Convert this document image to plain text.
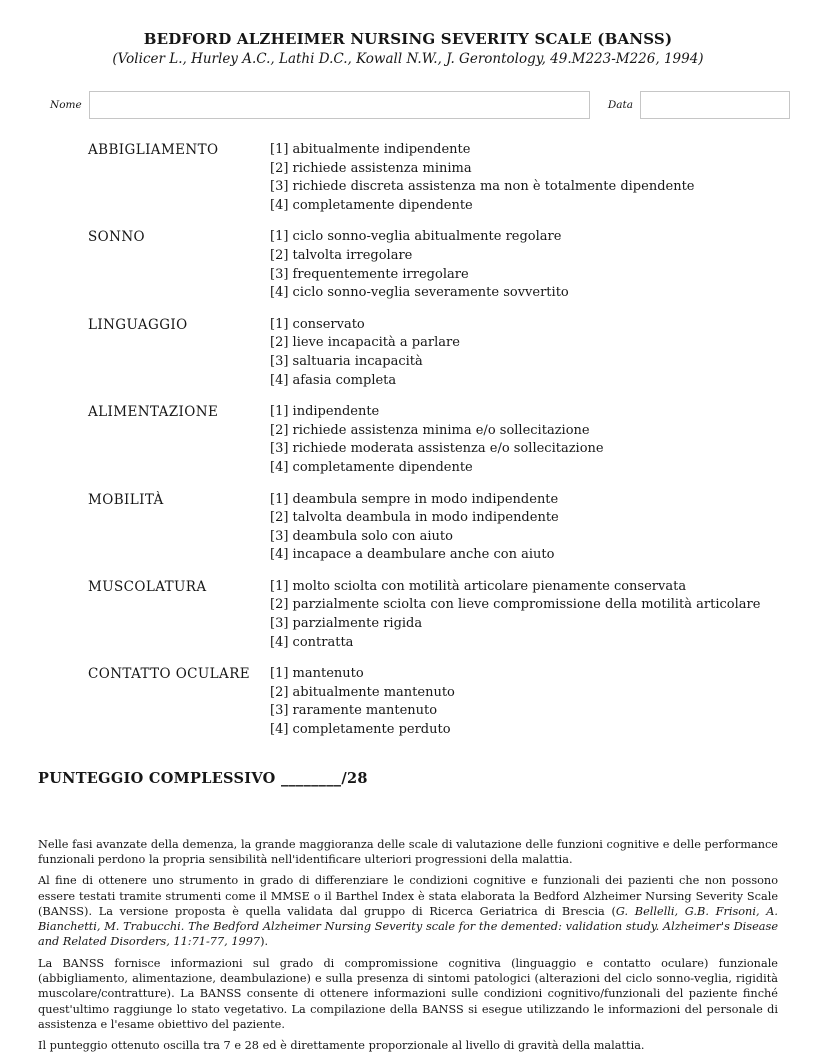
BEDFORD ALZHEIMER NURSING SEVERITY SCALE (BANSS)
(Volicer L., Hurley A.C., Lathi D.C., Kowall N.W., J. Gerontology, 49.M223-M226, 1994)
Nome	Data
ABBIGLIAMENTO	[1] abitualmente indipendente
[2] richiede assistenza minima
[3] richiede discreta assistenza ma non è totalmente dipendente
[4] completamente dipendente
SONNO	[1] ciclo sonno-veglia abitualmente regolare
[2] talvolta irregolare
[3] frequentemente irregolare
[4] ciclo sonno-veglia severamente sovvertito
LINGUAGGIO	[1] conservato
[2] lieve incapacità a parlare
[3] saltuaria incapacità
[4] afasia completa
ALIMENTAZIONE	[1] indipendente
[2] richiede assistenza minima e/o sollecitazione
[3] richiede moderata assistenza e/o sollecitazione
[4] completamente dipendente
MOBILITÀ	[1] deambula sempre in modo indipendente
[2] talvolta deambula in modo indipendente
[3] deambula solo con aiuto
[4] incapace a deambulare anche con aiuto
MUSCOLATURA	[1] molto sciolta con motilità articolare pienamente conservata
[2] parzialmente sciolta con lieve compromissione della motilità articolare
[3] parzialmente rigida
[4] contratta
CONTATTO OCULARE	[1] mantenuto
[2] abitualmente mantenuto
[3] raramente mantenuto
[4] completamente perduto
PUNTEGGIO COMPLESSIVO ________/28

Nelle fasi avanzate della demenza, la grande maggioranza delle scale di valutazione delle funzioni cognitive e delle performance funzionali perdono la propria sensibilità nell'identificare ulteriori progressioni della malattia.

Al fine di ottenere uno strumento in grado di differenziare le condizioni cognitive e funzionali dei pazienti che non possono essere testati tramite strumenti come il MMSE o il Barthel Index è stata elaborata la Bedford Alzheimer Nursing Severity Scale (BANSS). La versione proposta è quella validata dal gruppo di Ricerca Geriatrica di Brescia (G. Bellelli, G.B. Frisoni, A. Bianchetti, M. Trabucchi. The Bedford Alzheimer Nursing Severity scale for the demented: validation study. Alzheimer's Disease and Related Disorders, 11:71-77, 1997).

La BANSS fornisce informazioni sul grado di compromissione cognitiva (linguaggio e contatto oculare) funzionale (abbigliamento, alimentazione, deambulazione) e sulla presenza di sintomi patologici (alterazioni del ciclo sonno-veglia, rigidità muscolare/contratture). La BANSS consente di ottenere informazioni sulle condizioni cognitivo/funzionali del paziente finché quest'ultimo raggiunge lo stato vegetativo. La compilazione della BANSS si esegue utilizzando le informazioni del personale di assistenza e l'esame obiettivo del paziente.

Il punteggio ottenuto oscilla tra 7 e 28 ed è direttamente proporzionale al livello di gravità della malattia.
